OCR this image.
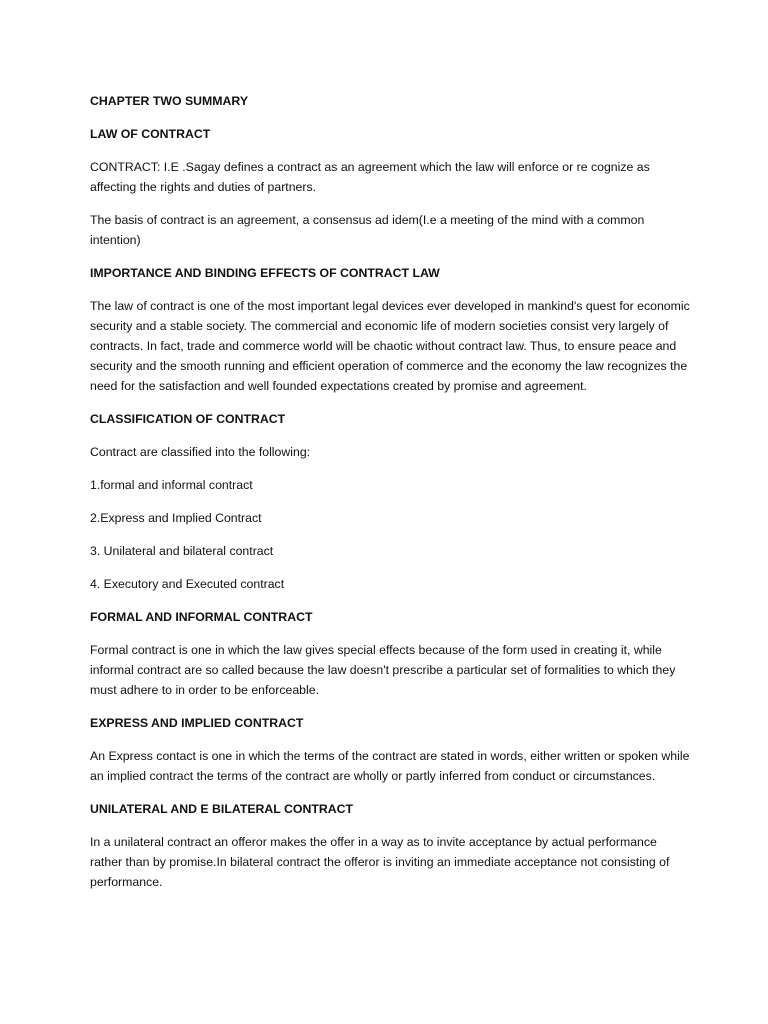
CHAPTER TWO SUMMARY

LAW OF CONTRACT

CONTRACT: I.E .Sagay defines a contract as an agreement which the law will enforce or re cognize as affecting the rights and duties of partners.

The basis of contract is an agreement, a consensus ad idem(I.e a meeting of the mind with a common intention)

IMPORTANCE AND BINDING EFFECTS OF CONTRACT LAW

The law of contract is one of the most important legal devices ever developed in mankind's quest for economic security and a stable society. The commercial and economic life of modern societies consist very largely of contracts. In fact, trade and commerce world will be chaotic without contract law. Thus, to ensure peace and security and the smooth running and efficient operation of commerce and the economy the law recognizes the need for the satisfaction and well founded expectations created by promise and agreement.

CLASSIFICATION OF CONTRACT

Contract are classified into the following:

1.formal and informal contract

2.Express and Implied Contract

3. Unilateral and bilateral contract

4. Executory and Executed contract

FORMAL AND INFORMAL CONTRACT

Formal contract is one in which the law gives special effects because of the form used in creating it, while informal contract are so called because the law doesn't prescribe a particular set of formalities to which they must adhere to in order to be enforceable.

EXPRESS AND IMPLIED CONTRACT

An Express contact is one in which the terms of the contract are stated in words, either written or spoken while an implied contract the terms of the contract are wholly or partly inferred from conduct or circumstances.

UNILATERAL AND E BILATERAL CONTRACT

In a unilateral contract an offeror makes the offer in a way as to invite acceptance by actual performance rather than by promise.In bilateral contract the offeror is inviting an immediate acceptance not consisting of performance.
